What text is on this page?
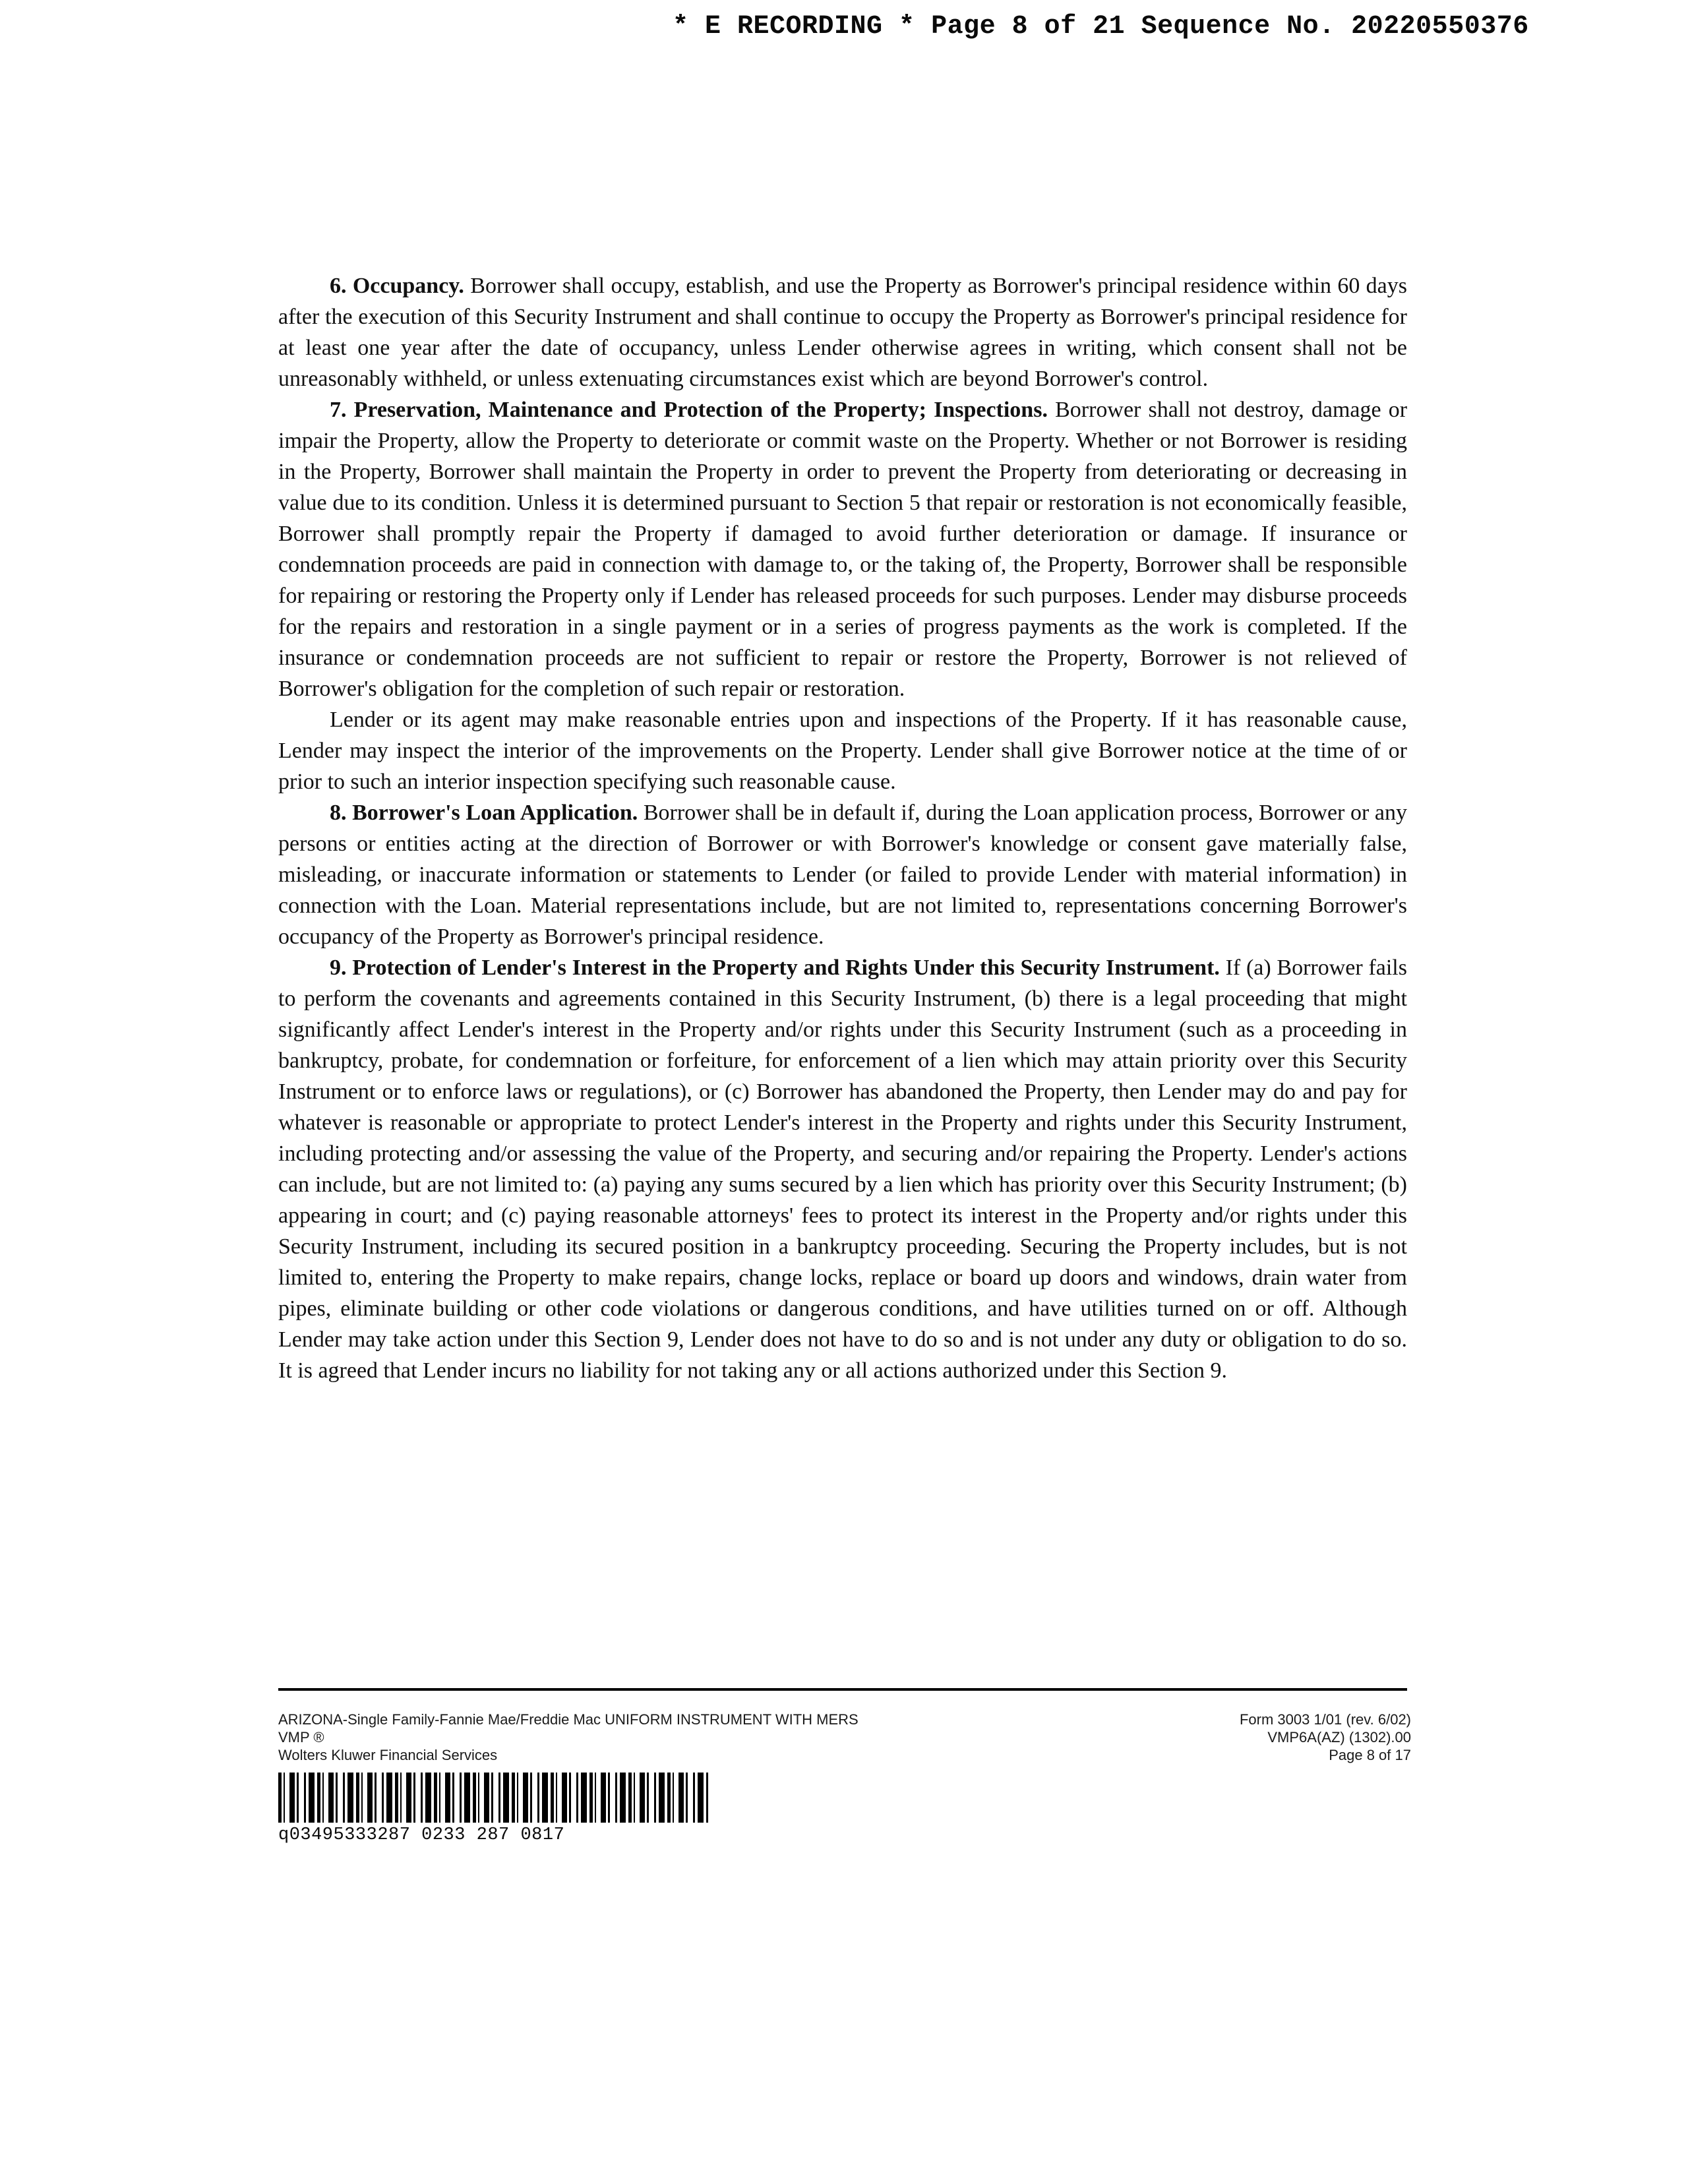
* E RECORDING * Page 8 of 21 Sequence No. 20220550376

6. Occupancy. Borrower shall occupy, establish, and use the Property as Borrower's principal residence within 60 days after the execution of this Security Instrument and shall continue to occupy the Property as Borrower's principal residence for at least one year after the date of occupancy, unless Lender otherwise agrees in writing, which consent shall not be unreasonably withheld, or unless extenuating circumstances exist which are beyond Borrower's control.

7. Preservation, Maintenance and Protection of the Property; Inspections. Borrower shall not destroy, damage or impair the Property, allow the Property to deteriorate or commit waste on the Property. Whether or not Borrower is residing in the Property, Borrower shall maintain the Property in order to prevent the Property from deteriorating or decreasing in value due to its condition. Unless it is determined pursuant to Section 5 that repair or restoration is not economically feasible, Borrower shall promptly repair the Property if damaged to avoid further deterioration or damage. If insurance or condemnation proceeds are paid in connection with damage to, or the taking of, the Property, Borrower shall be responsible for repairing or restoring the Property only if Lender has released proceeds for such purposes. Lender may disburse proceeds for the repairs and restoration in a single payment or in a series of progress payments as the work is completed. If the insurance or condemnation proceeds are not sufficient to repair or restore the Property, Borrower is not relieved of Borrower's obligation for the completion of such repair or restoration.

Lender or its agent may make reasonable entries upon and inspections of the Property. If it has reasonable cause, Lender may inspect the interior of the improvements on the Property. Lender shall give Borrower notice at the time of or prior to such an interior inspection specifying such reasonable cause.

8. Borrower's Loan Application. Borrower shall be in default if, during the Loan application process, Borrower or any persons or entities acting at the direction of Borrower or with Borrower's knowledge or consent gave materially false, misleading, or inaccurate information or statements to Lender (or failed to provide Lender with material information) in connection with the Loan. Material representations include, but are not limited to, representations concerning Borrower's occupancy of the Property as Borrower's principal residence.

9. Protection of Lender's Interest in the Property and Rights Under this Security Instrument. If (a) Borrower fails to perform the covenants and agreements contained in this Security Instrument, (b) there is a legal proceeding that might significantly affect Lender's interest in the Property and/or rights under this Security Instrument (such as a proceeding in bankruptcy, probate, for condemnation or forfeiture, for enforcement of a lien which may attain priority over this Security Instrument or to enforce laws or regulations), or (c) Borrower has abandoned the Property, then Lender may do and pay for whatever is reasonable or appropriate to protect Lender's interest in the Property and rights under this Security Instrument, including protecting and/or assessing the value of the Property, and securing and/or repairing the Property. Lender's actions can include, but are not limited to: (a) paying any sums secured by a lien which has priority over this Security Instrument; (b) appearing in court; and (c) paying reasonable attorneys' fees to protect its interest in the Property and/or rights under this Security Instrument, including its secured position in a bankruptcy proceeding. Securing the Property includes, but is not limited to, entering the Property to make repairs, change locks, replace or board up doors and windows, drain water from pipes, eliminate building or other code violations or dangerous conditions, and have utilities turned on or off. Although Lender may take action under this Section 9, Lender does not have to do so and is not under any duty or obligation to do so. It is agreed that Lender incurs no liability for not taking any or all actions authorized under this Section 9.

ARIZONA-Single Family-Fannie Mae/Freddie Mac UNIFORM INSTRUMENT WITH MERS
VMP ®
Wolters Kluwer Financial Services
Form 3003 1/01 (rev. 6/02)
VMP6A(AZ) (1302).00
Page 8 of 17
q03495333287 0233 287 0817
